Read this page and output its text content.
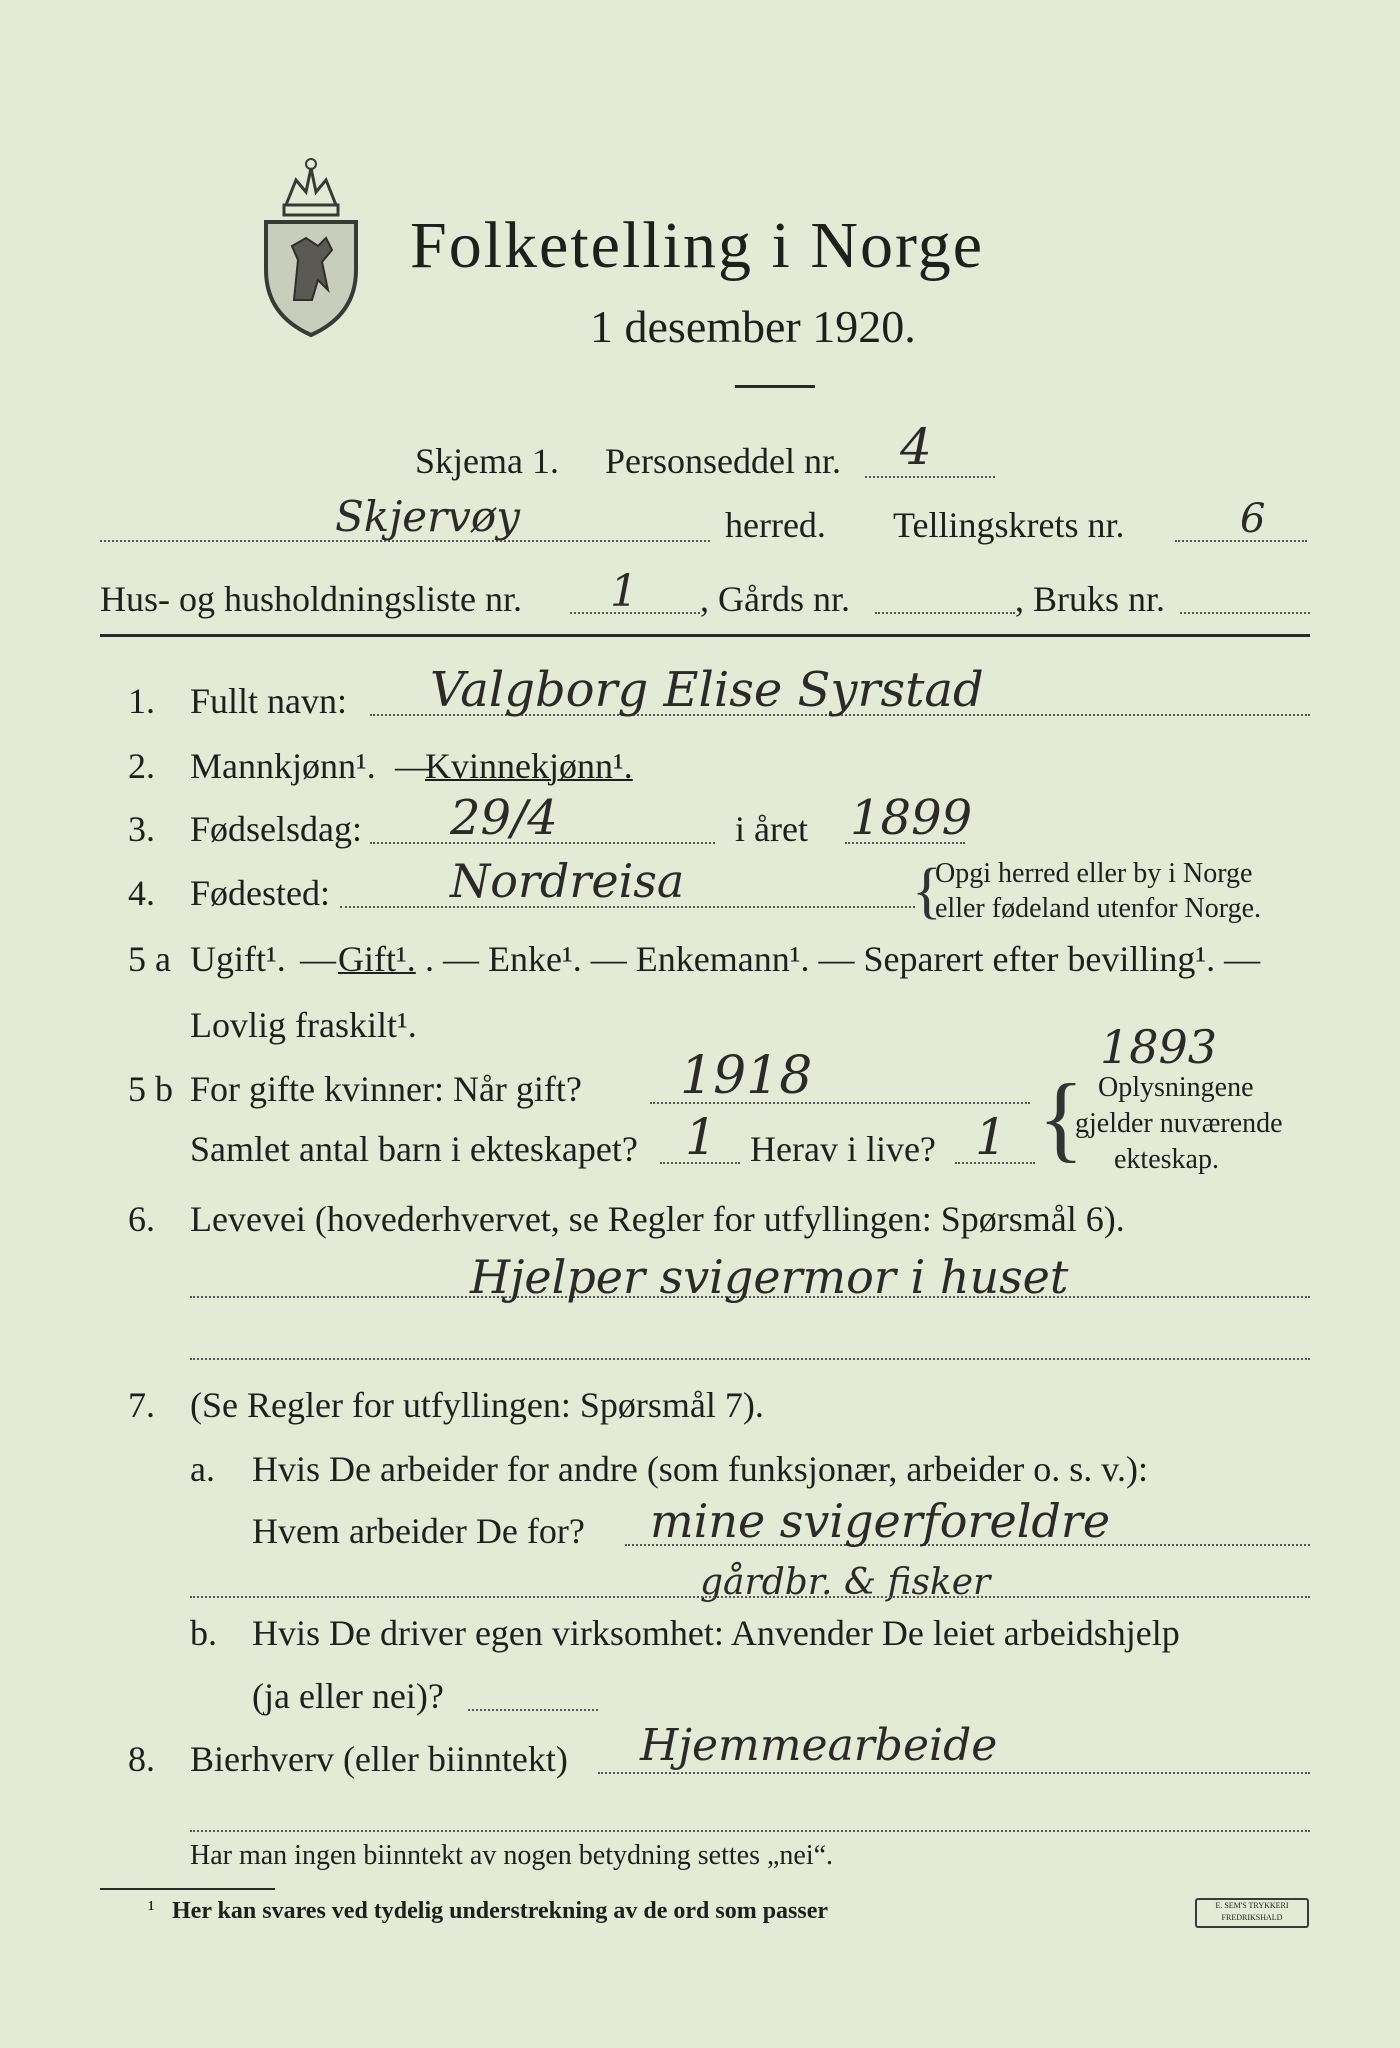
Folketelling i Norge
1 desember 1920.
Skjema 1. Personseddel nr. 4
Skjervøy	herred. Tellingskrets nr.	6
Hus- og husholdningsliste nr. 1 , Gårds nr.	, Bruks nr.
1. Fullt navn: Valgborg Elise Syrstad
2. Mannkjønn¹. —
Kvinnekjønn¹.
3. Fødselsdag: 29/4	i året 1899
4. Fødested:	Nordreisa	{
Opgi herred eller by i Norge
eller fødeland utenfor Norge.
5 a Ugift¹. — Gift¹. . — Enke¹. — Enkemann¹. — Separert efter bevilling¹. —
Lovlig fraskilt¹.	1893
5 b For gifte kvinner: Når gift? 1918
Samlet antal barn i ekteskapet? 1 Herav i live? 1 { Oplysningene
gjelder nuværende
ekteskap.
6. Levevei (hovederhvervet, se Regler for utfyllingen: Spørsmål 6).
Hjelper svigermor i huset
7. (Se Regler for utfyllingen: Spørsmål 7).
a. Hvis De arbeider for andre (som funksjonær, arbeider o. s. v.):
Hvem arbeider De for? mine svigerforeldre
gårdbr. & fisker
b. Hvis De driver egen virksomhet: Anvender De leiet arbeidshjelp
(ja eller nei)?
8. Bierhverv (eller biinntekt) Hjemmearbeide
Har man ingen biinntekt av nogen betydning settes „nei“.
¹ Her kan svares ved tydelig understrekning av de ord som passer	E. SEM'S TRYKKERI
FREDRIKSHALD
